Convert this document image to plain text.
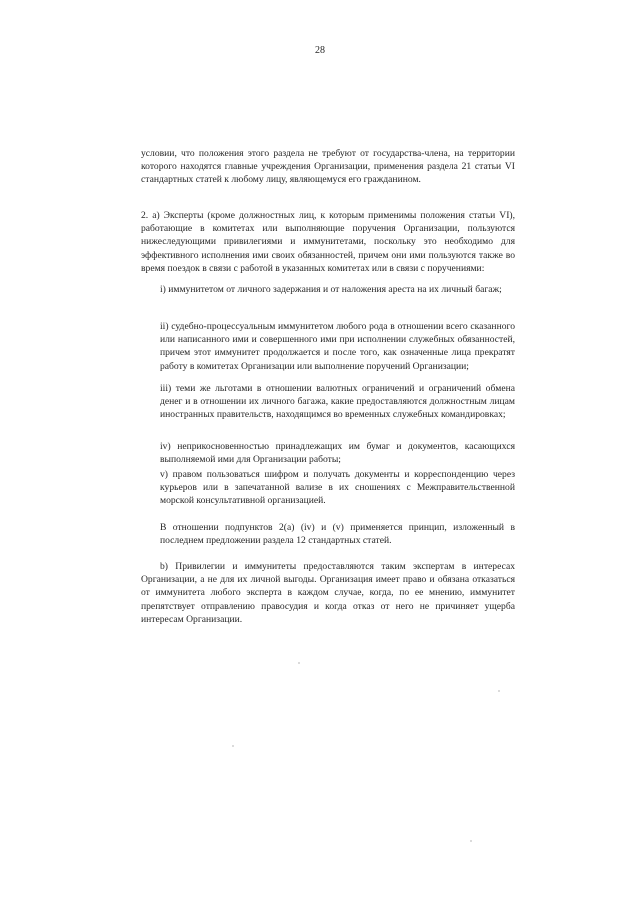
28

условии, что положения этого раздела не требуют от государства-члена, на территории которого находятся главные учреждения Организации, применения раздела 21 статьи VI стандартных статей к любому лицу, являющемуся его гражданином.

2. a) Эксперты (кроме должностных лиц, к которым применимы положения статьи VI), работающие в комитетах или выполняющие поручения Организации, пользуются нижеследующими привилегиями и иммунитетами, поскольку это необходимо для эффективного исполнения ими своих обязанностей, причем они ими пользуются также во время поездок в связи с работой в указанных комитетах или в связи с поручениями:

i) иммунитетом от личного задержания и от наложения ареста на их личный багаж;

ii) судебно-процессуальным иммунитетом любого рода в отношении всего сказанного или написанного ими и совершенного ими при исполнении служебных обязанностей, причем этот иммунитет продолжается и после того, как означенные лица прекратят работу в комитетах Организации или выполнение поручений Организации;

iii) теми же льготами в отношении валютных ограничений и ограничений обмена денег и в отношении их личного багажа, какие предоставляются должностным лицам иностранных правительств, находящимся во временных служебных командировках;

iv) неприкосновенностью принадлежащих им бумаг и документов, касающихся выполняемой ими для Организации работы;

v) правом пользоваться шифром и получать документы и корреспонденцию через курьеров или в запечатанной вализе в их сношениях с Межправительственной морской консультативной организацией.

В отношении подпунктов 2(a) (iv) и (v) применяется принцип, изложенный в последнем предложении раздела 12 стандартных статей.

b) Привилегии и иммунитеты предоставляются таким экспертам в интересах Организации, а не для их личной выгоды. Организация имеет право и обязана отказаться от иммунитета любого эксперта в каждом случае, когда, по ее мнению, иммунитет препятствует отправлению правосудия и когда отказ от него не причиняет ущерба интересам Организации.
